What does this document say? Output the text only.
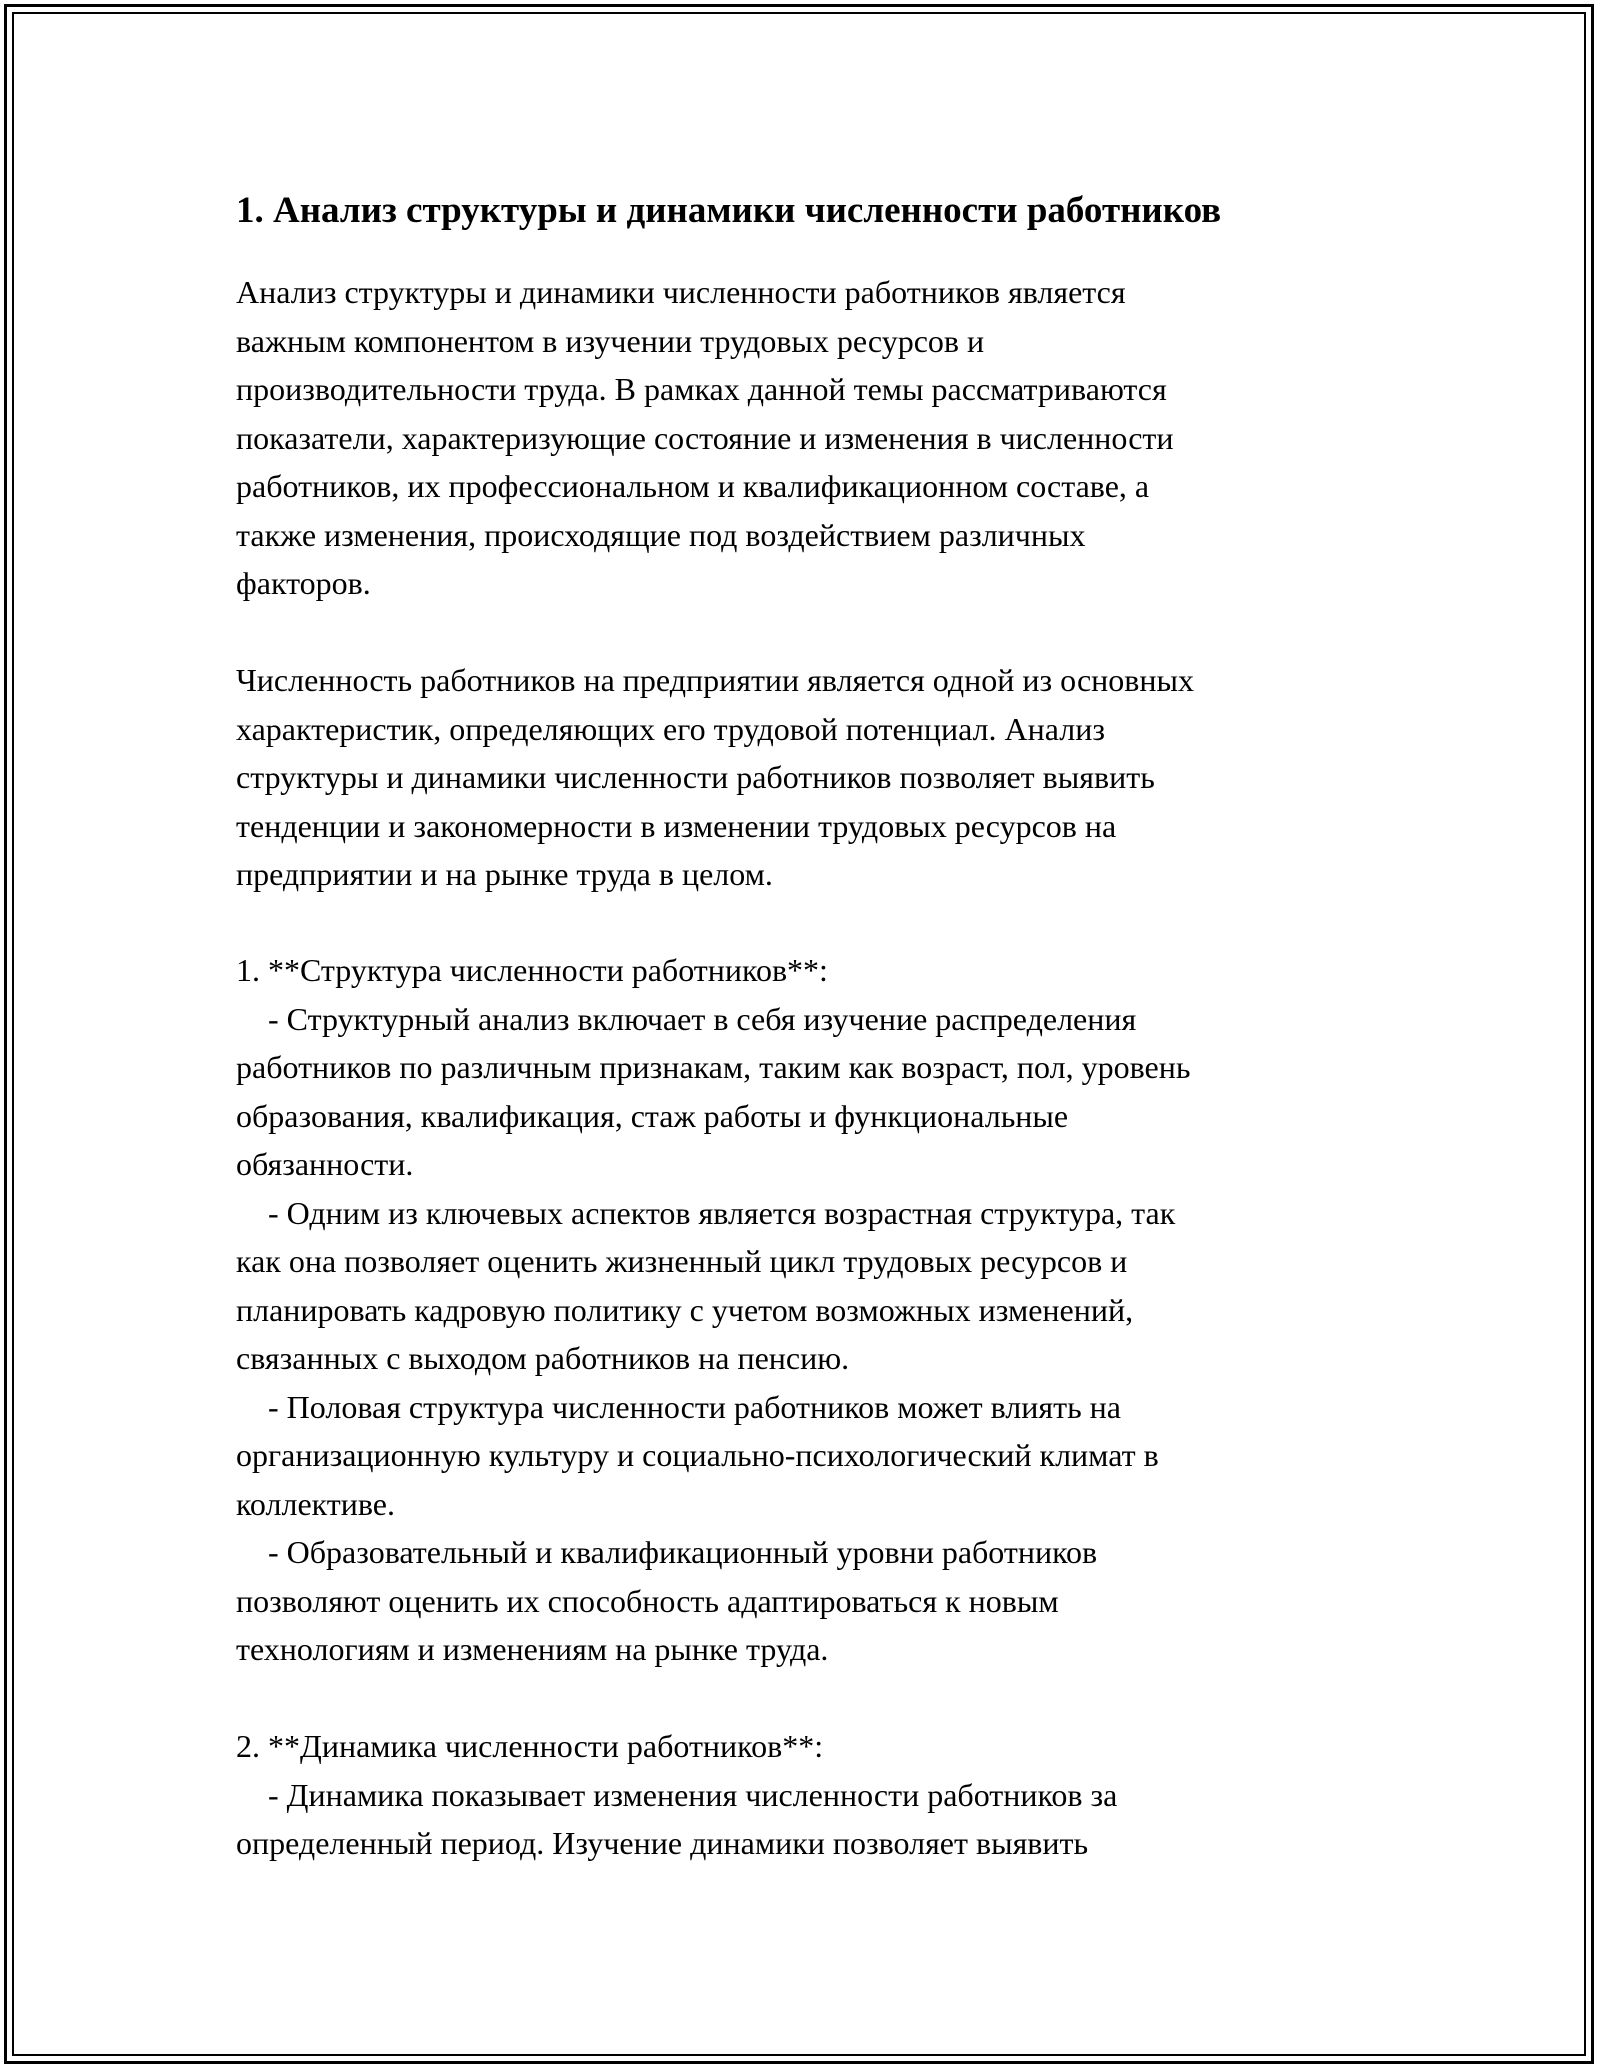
1. Анализ структуры и динамики численности работников

Анализ структуры и динамики численности работников является
важным компонентом в изучении трудовых ресурсов и
производительности труда. В рамках данной темы рассматриваются
показатели, характеризующие состояние и изменения в численности
работников, их профессиональном и квалификационном составе, а
также изменения, происходящие под воздействием различных
факторов.

Численность работников на предприятии является одной из основных
характеристик, определяющих его трудовой потенциал. Анализ
структуры и динамики численности работников позволяет выявить
тенденции и закономерности в изменении трудовых ресурсов на
предприятии и на рынке труда в целом.

1. **Структура численности работников**:
- Структурный анализ включает в себя изучение распределения
работников по различным признакам, таким как возраст, пол, уровень
образования, квалификация, стаж работы и функциональные
обязанности.
- Одним из ключевых аспектов является возрастная структура, так
как она позволяет оценить жизненный цикл трудовых ресурсов и
планировать кадровую политику с учетом возможных изменений,
связанных с выходом работников на пенсию.
- Половая структура численности работников может влиять на
организационную культуру и социально-психологический климат в
коллективе.
- Образовательный и квалификационный уровни работников
позволяют оценить их способность адаптироваться к новым
технологиям и изменениям на рынке труда.

2. **Динамика численности работников**:
- Динамика показывает изменения численности работников за
определенный период. Изучение динамики позволяет выявить
